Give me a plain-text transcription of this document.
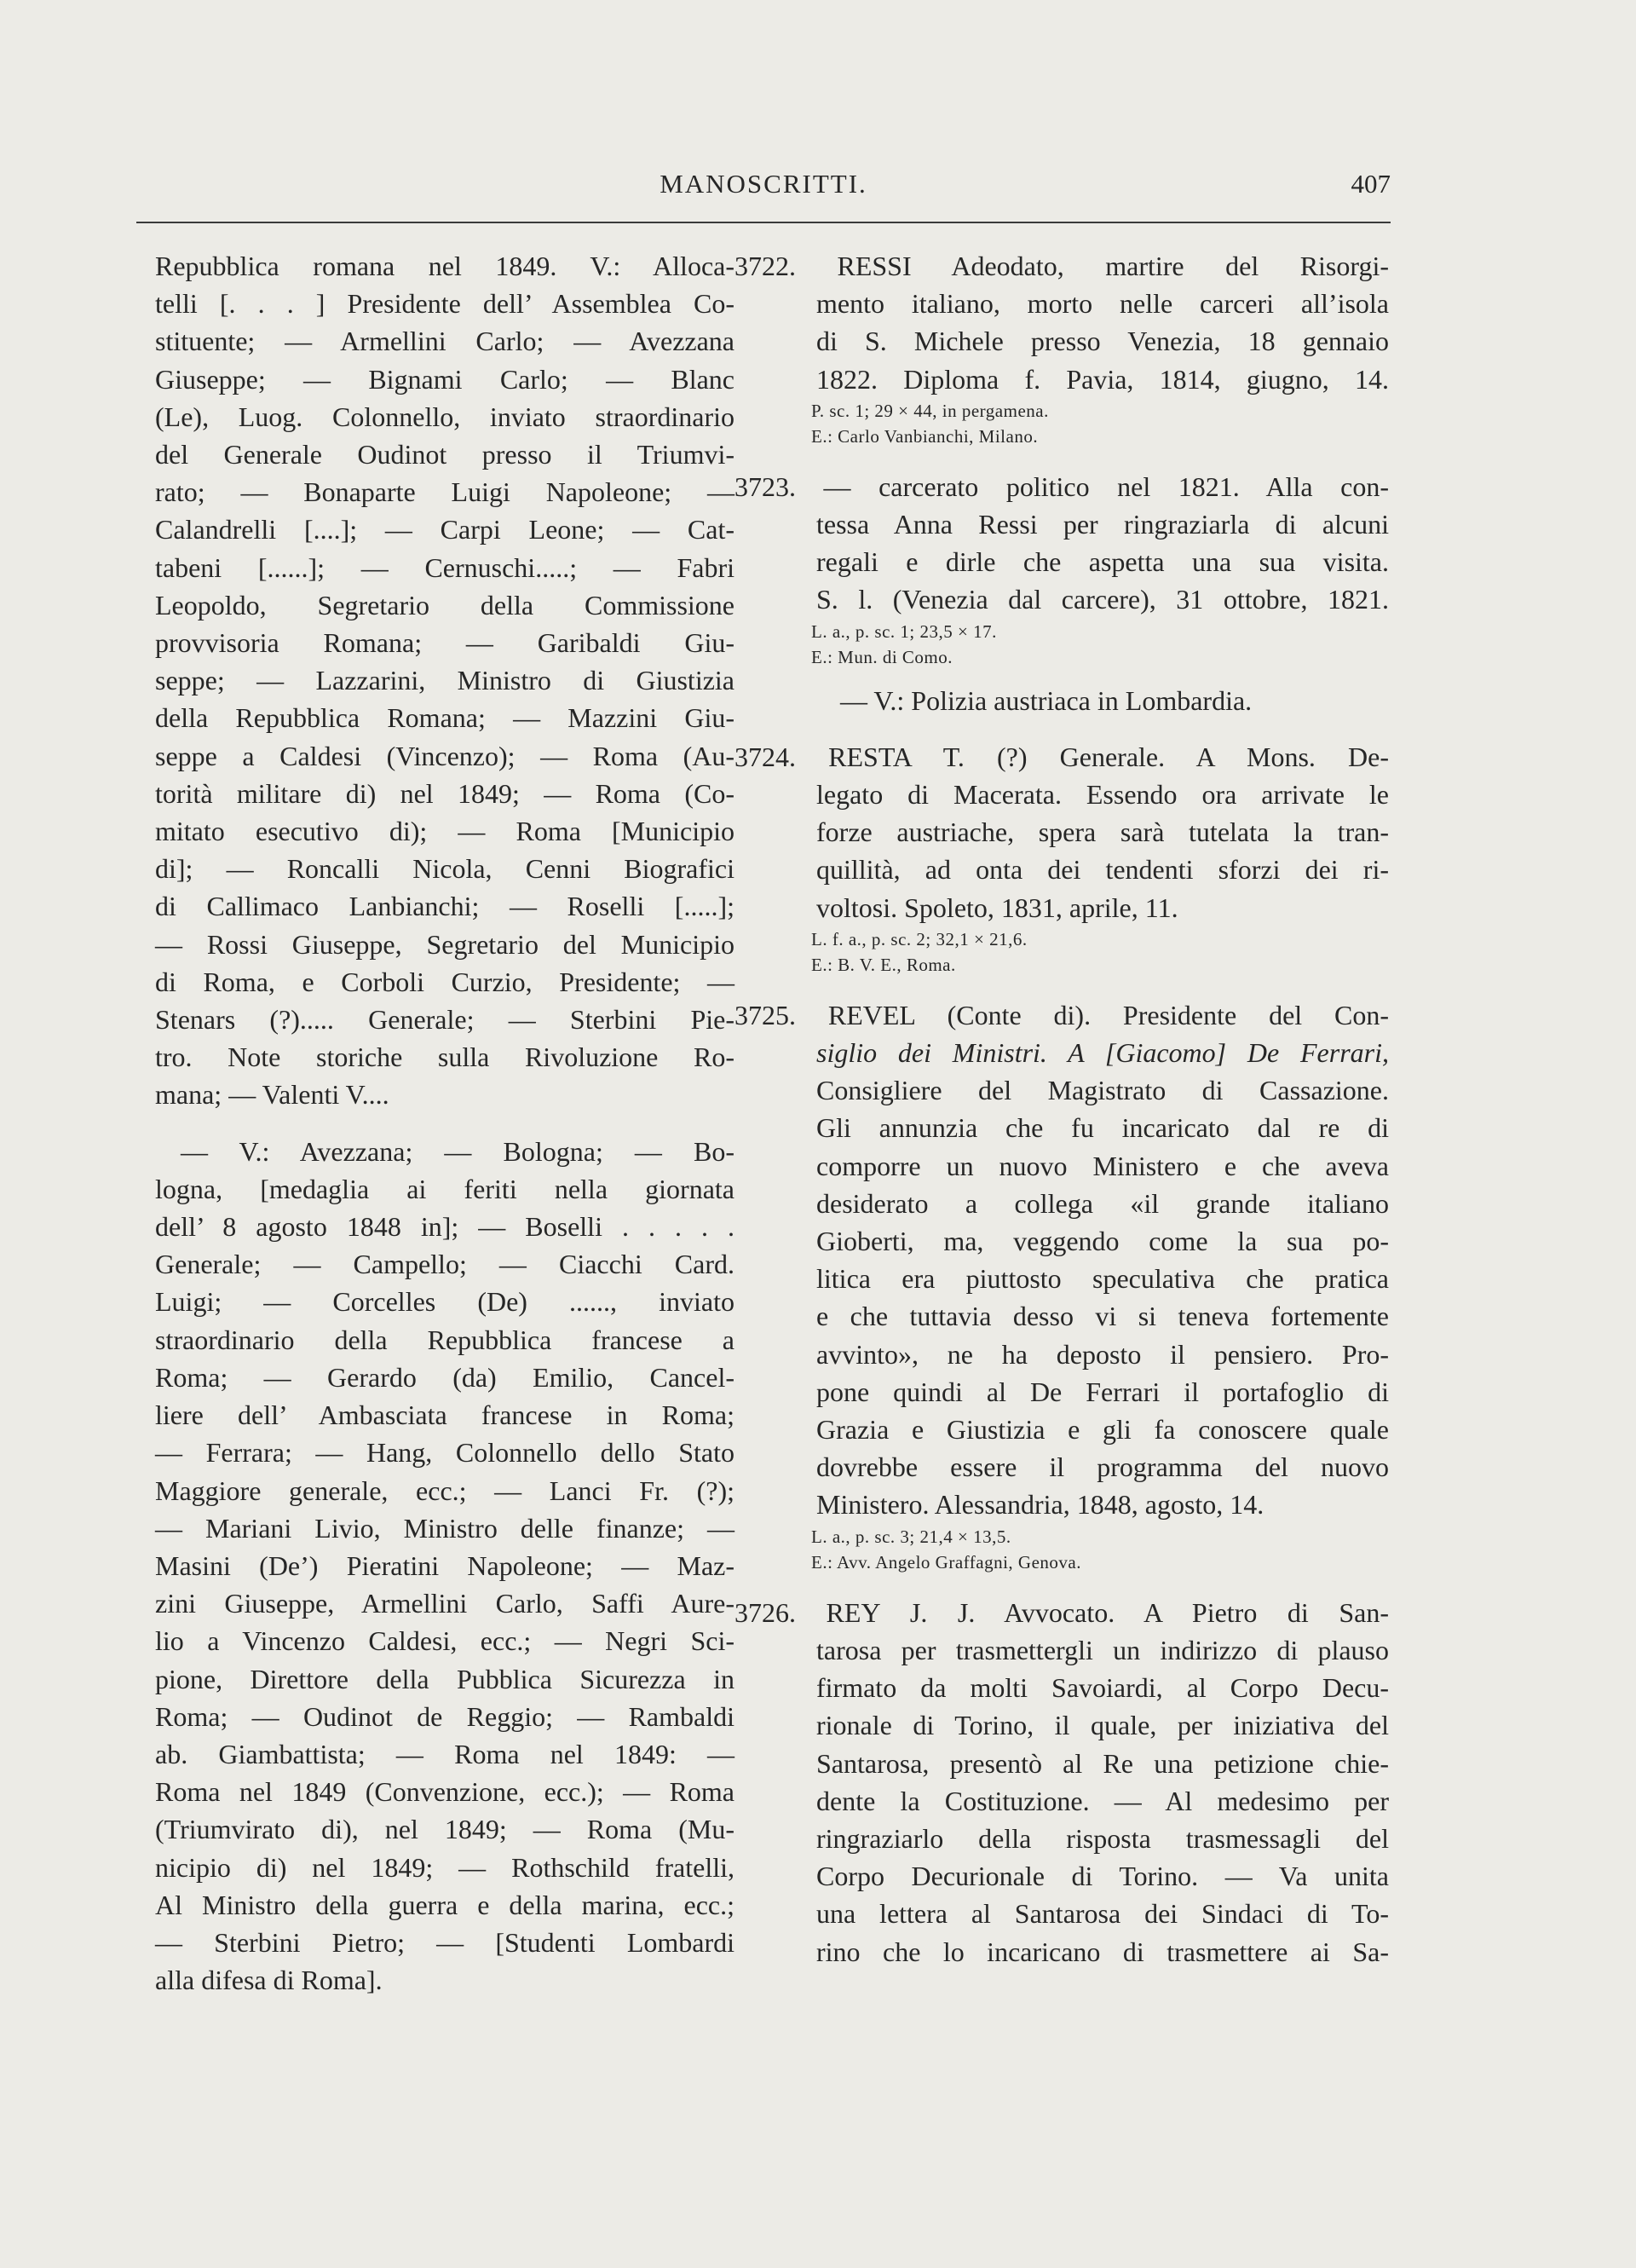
MANOSCRITTI.	407
Repubblica romana nel 1849. V.: Alloca-
telli [. . . ] Presidente dell’ Assemblea Co-
stituente; — Armellini Carlo; — Avezzana
Giuseppe; — Bignami Carlo; — Blanc
(Le), Luog. Colonnello, inviato straordinario
del Generale Oudinot presso il Triumvi-
rato; — Bonaparte Luigi Napoleone; —
Calandrelli [....]; — Carpi Leone; — Cat-
tabeni [......]; — Cernuschi.....; — Fabri
Leopoldo, Segretario della Commissione
provvisoria Romana; — Garibaldi Giu-
seppe; — Lazzarini, Ministro di Giustizia
della Repubblica Romana; — Mazzini Giu-
seppe a Caldesi (Vincenzo); — Roma (Au-
torità militare di) nel 1849; — Roma (Co-
mitato esecutivo di); — Roma [Municipio
di]; — Roncalli Nicola, Cenni Biografici
di Callimaco Lanbianchi; — Roselli [.....];
— Rossi Giuseppe, Segretario del Municipio
di Roma, e Corboli Curzio, Presidente; —
Stenars (?)..... Generale; — Sterbini Pie-
tro. Note storiche sulla Rivoluzione Ro-
mana; — Valenti V....
— V.: Avezzana; — Bologna; — Bo-
logna, [medaglia ai feriti nella giornata
dell’ 8 agosto 1848 in]; — Boselli . . . . .
Generale; — Campello; — Ciacchi Card.
Luigi; — Corcelles (De) ......, inviato
straordinario della Repubblica francese a
Roma; — Gerardo (da) Emilio, Cancel-
liere dell’ Ambasciata francese in Roma;
— Ferrara; — Hang, Colonnello dello Stato
Maggiore generale, ecc.; — Lanci Fr. (?);
— Mariani Livio, Ministro delle finanze; —
Masini (De’) Pieratini Napoleone; — Maz-
zini Giuseppe, Armellini Carlo, Saffi Aure-
lio a Vincenzo Caldesi, ecc.; — Negri Sci-
pione, Direttore della Pubblica Sicurezza in
Roma; — Oudinot de Reggio; — Rambaldi
ab. Giambattista; — Roma nel 1849: —
Roma nel 1849 (Convenzione, ecc.); — Roma
(Triumvirato di), nel 1849; — Roma (Mu-
nicipio di) nel 1849; — Rothschild fratelli,
Al Ministro della guerra e della marina, ecc.;
— Sterbini Pietro; — [Studenti Lombardi
alla difesa di Roma].
3722. RESSI Adeodato, martire del Risorgi-
mento italiano, morto nelle carceri all’isola
di S. Michele presso Venezia, 18 gennaio
1822. Diploma f. Pavia, 1814, giugno, 14.
P. sc. 1; 29 × 44, in pergamena.
E.: Carlo Vanbianchi, Milano.
3723. — carcerato politico nel 1821. Alla con-
tessa Anna Ressi per ringraziarla di alcuni
regali e dirle che aspetta una sua visita.
S. l. (Venezia dal carcere), 31 ottobre, 1821.
L. a., p. sc. 1; 23,5 × 17.
E.: Mun. di Como.
— V.: Polizia austriaca in Lombardia.
3724. RESTA T. (?) Generale. A Mons. De-
legato di Macerata. Essendo ora arrivate le
forze austriache, spera sarà tutelata la tran-
quillità, ad onta dei tendenti sforzi dei ri-
voltosi. Spoleto, 1831, aprile, 11.
L. f. a., p. sc. 2; 32,1 × 21,6.
E.: B. V. E., Roma.
3725. REVEL (Conte di). Presidente del Con-
siglio dei Ministri. A [Giacomo] De Ferrari,
Consigliere del Magistrato di Cassazione.
Gli annunzia che fu incaricato dal re di
comporre un nuovo Ministero e che aveva
desiderato a collega «il grande italiano
Gioberti, ma, veggendo come la sua po-
litica era piuttosto speculativa che pratica
e che tuttavia desso vi si teneva fortemente
avvinto», ne ha deposto il pensiero. Pro-
pone quindi al De Ferrari il portafoglio di
Grazia e Giustizia e gli fa conoscere quale
dovrebbe essere il programma del nuovo
Ministero. Alessandria, 1848, agosto, 14.
L. a., p. sc. 3; 21,4 × 13,5.
E.: Avv. Angelo Graffagni, Genova.
3726. REY J. J. Avvocato. A Pietro di San-
tarosa per trasmettergli un indirizzo di plauso
firmato da molti Savoiardi, al Corpo Decu-
rionale di Torino, il quale, per iniziativa del
Santarosa, presentò al Re una petizione chie-
dente la Costituzione. — Al medesimo per
ringraziarlo della risposta trasmessagli del
Corpo Decurionale di Torino. — Va unita
una lettera al Santarosa dei Sindaci di To-
rino che lo incaricano di trasmettere ai Sa-
